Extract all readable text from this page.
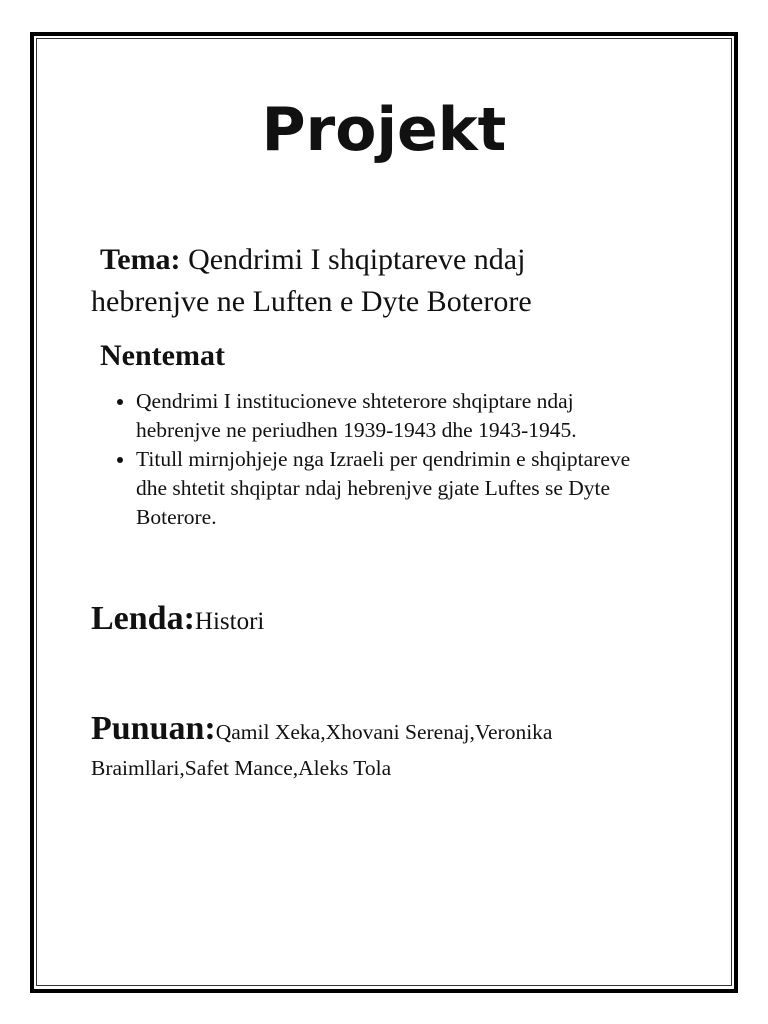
Projekt
Tema: Qendrimi I shqiptareve ndaj
hebrenjve ne Luften e Dyte Boterore
Nentemat
• Qendrimi I institucioneve shteterore shqiptare ndaj
hebrenjve ne periudhen 1939-1943 dhe 1943-1945.
• Titull mirnjohjeje nga Izraeli per qendrimin e shqiptareve
dhe shtetit shqiptar ndaj hebrenjve gjate Luftes se Dyte
Boterore.
Lenda:Histori
Punuan:Qamil Xeka,Xhovani Serenaj,Veronika
Braimllari,Safet Mance,Aleks Tola
